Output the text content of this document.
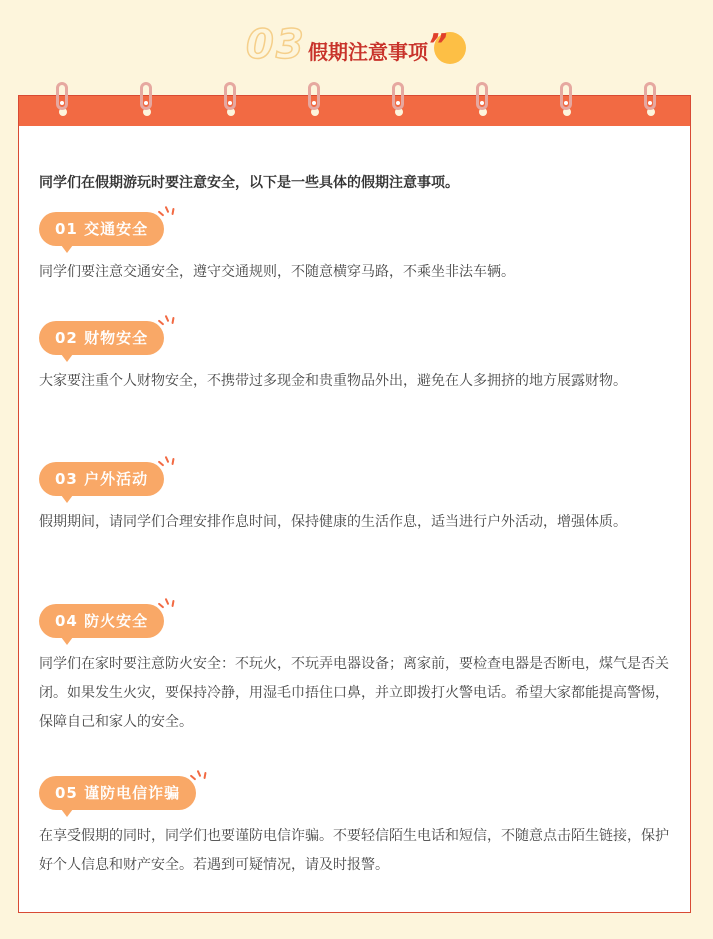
03 假期注意事项 ”
同学们在假期游玩时要注意安全，以下是一些具体的假期注意事项。
01 交通安全
同学们要注意交通安全，遵守交通规则，不随意横穿马路，不乘坐非法车辆。
02 财物安全
大家要注重个人财物安全，不携带过多现金和贵重物品外出，避免在人多拥挤的地方展露财物。
03 户外活动
假期期间，请同学们合理安排作息时间，保持健康的生活作息，适当进行户外活动，增强体质。
04 防火安全
同学们在家时要注意防火安全：不玩火，不玩弄电器设备；离家前，要检查电器是否断电，煤气是否关闭。如果发生火灾，要保持冷静，用湿毛巾捂住口鼻，并立即拨打火警电话。希望大家都能提高警惕，保障自己和家人的安全。
05 谨防电信诈骗
在享受假期的同时，同学们也要谨防电信诈骗。不要轻信陌生电话和短信，不随意点击陌生链接，保护好个人信息和财产安全。若遇到可疑情况，请及时报警。
